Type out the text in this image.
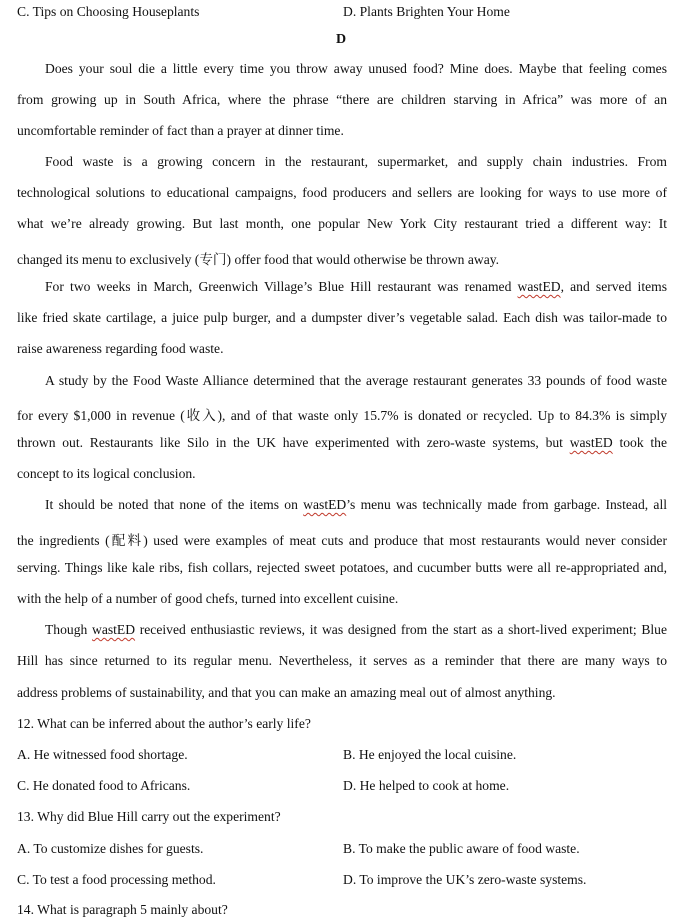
C. Tips on Choosing Houseplants	D. Plants Brighten Your Home
D
Does your soul die a little every time you throw away unused food? Mine does. Maybe that feeling comes
from growing up in South Africa, where the phrase “there are children starving in Africa” was more of an
uncomfortable reminder of fact than a prayer at dinner time.
Food waste is a growing concern in the restaurant, supermarket, and supply chain industries. From
technological solutions to educational campaigns, food producers and sellers are looking for ways to use more of
what we’re already growing. But last month, one popular New York City restaurant tried a different way: It
changed its menu to exclusively (专门) offer food that would otherwise be thrown away.
For two weeks in March, Greenwich Village’s Blue Hill restaurant was renamed wastED, and served items
like fried skate cartilage, a juice pulp burger, and a dumpster diver’s vegetable salad. Each dish was tailor-made to
raise awareness regarding food waste.
A study by the Food Waste Alliance determined that the average restaurant generates 33 pounds of food waste
for every $1,000 in revenue (收入), and of that waste only 15.7% is donated or recycled. Up to 84.3% is simply
thrown out. Restaurants like Silo in the UK have experimented with zero-waste systems, but wastED took the
concept to its logical conclusion.
It should be noted that none of the items on wastED’s menu was technically made from garbage. Instead, all
the ingredients (配料) used were examples of meat cuts and produce that most restaurants would never consider
serving. Things like kale ribs, fish collars, rejected sweet potatoes, and cucumber butts were all re-appropriated and,
with the help of a number of good chefs, turned into excellent cuisine.
Though wastED received enthusiastic reviews, it was designed from the start as a short-lived experiment; Blue
Hill has since returned to its regular menu. Nevertheless, it serves as a reminder that there are many ways to
address problems of sustainability, and that you can make an amazing meal out of almost anything.
12. What can be inferred about the author’s early life?
A. He witnessed food shortage.	B. He enjoyed the local cuisine.
C. He donated food to Africans.	D. He helped to cook at home.
13. Why did Blue Hill carry out the experiment?
A. To customize dishes for guests.	B. To make the public aware of food waste.
C. To test a food processing method.	D. To improve the UK’s zero-waste systems.
14. What is paragraph 5 mainly about?
